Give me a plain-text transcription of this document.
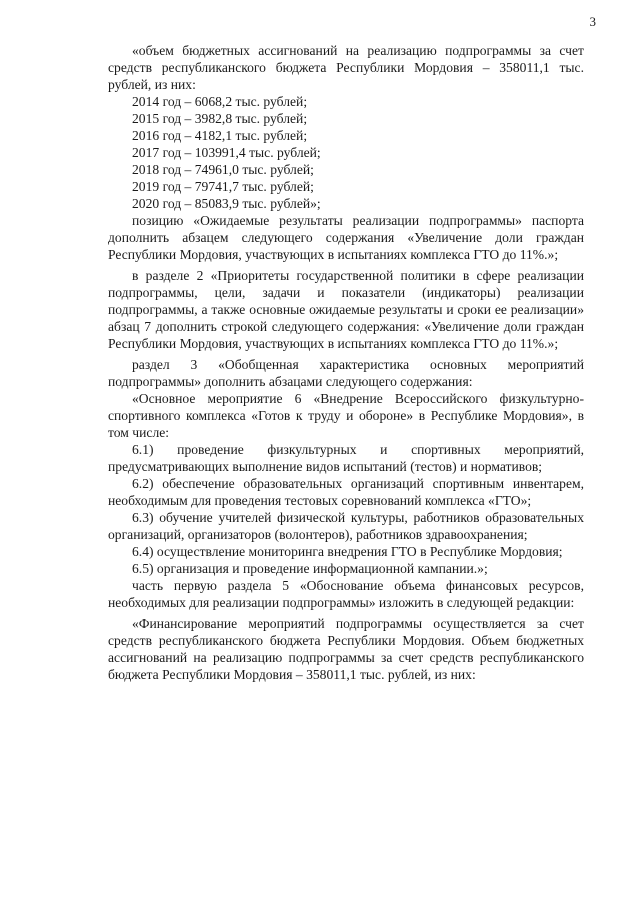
3

«объем бюджетных ассигнований на реализацию подпрограммы за счет средств республиканского бюджета Республики Мордовия – 358011,1 тыс. рублей, из них:

2014 год – 6068,2 тыс. рублей;

2015 год – 3982,8 тыс. рублей;

2016 год – 4182,1 тыс. рублей;

2017 год – 103991,4 тыс. рублей;

2018 год – 74961,0 тыс. рублей;

2019 год – 79741,7 тыс. рублей;

2020 год – 85083,9 тыс. рублей»;

позицию «Ожидаемые результаты реализации подпрограммы» паспорта дополнить абзацем следующего содержания «Увеличение доли граждан Республики Мордовия, участвующих в испытаниях комплекса ГТО до 11%.»;

в разделе 2 «Приоритеты государственной политики в сфере реализации подпрограммы, цели, задачи и показатели (индикаторы) реализации подпрограммы, а также основные ожидаемые результаты и сроки ее реализации» абзац 7 дополнить строкой следующего содержания: «Увеличение доли граждан Республики Мордовия, участвующих в испытаниях комплекса ГТО до 11%.»;

раздел 3 «Обобщенная характеристика основных мероприятий подпрограммы» дополнить абзацами следующего содержания:

«Основное мероприятие 6 «Внедрение Всероссийского физкультурно-спортивного комплекса «Готов к труду и обороне» в Республике Мордовия», в том числе:

6.1) проведение физкультурных и спортивных мероприятий, предусматривающих выполнение видов испытаний (тестов) и нормативов;

6.2) обеспечение образовательных организаций спортивным инвентарем, необходимым для проведения тестовых соревнований комплекса «ГТО»;

6.3) обучение учителей физической культуры, работников образовательных организаций, организаторов (волонтеров), работников здравоохранения;

6.4) осуществление мониторинга внедрения ГТО в Республике Мордовия;

6.5) организация и проведение информационной кампании.»;

часть первую раздела 5 «Обоснование объема финансовых ресурсов, необходимых для реализации подпрограммы» изложить в следующей редакции:

«Финансирование мероприятий подпрограммы осуществляется за счет средств республиканского бюджета Республики Мордовия. Объем бюджетных ассигнований на реализацию подпрограммы за счет средств республиканского бюджета Республики Мордовия – 358011,1 тыс. рублей, из них:
